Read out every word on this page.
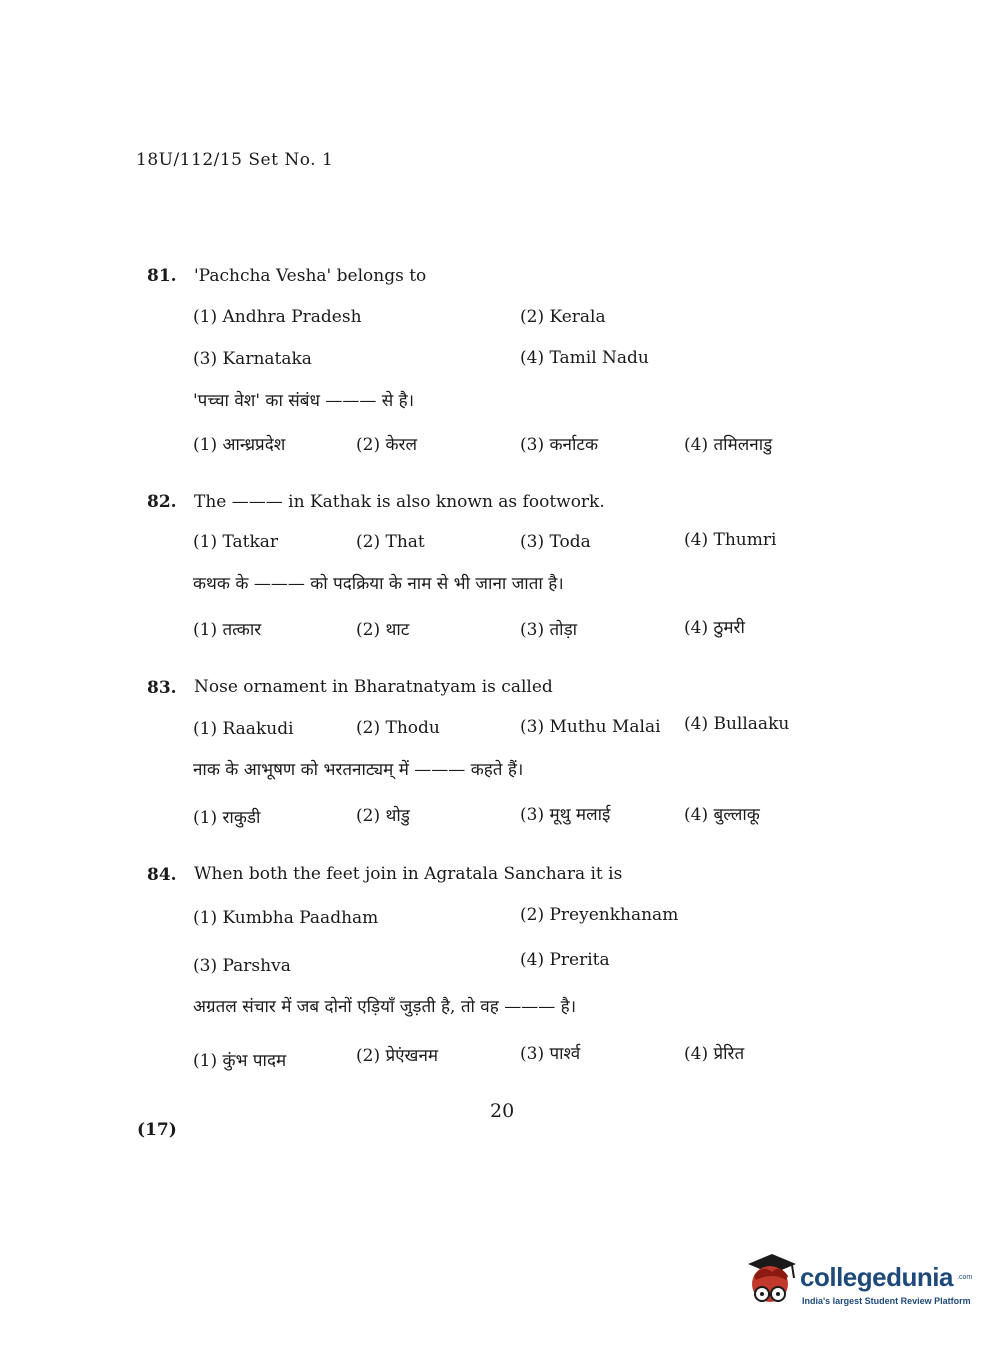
18U/112/15 Set No. 1
81. 'Pachcha Vesha' belongs to
(1) Andhra Pradesh	(2) Kerala
(3) Karnataka	(4) Tamil Nadu
'पच्चा वेश' का संबंध ——— से है।
(1) आन्ध्रप्रदेश	(2) केरल	(3) कर्नाटक	(4) तमिलनाडु
82. The ——— in Kathak is also known as footwork.
(1) Tatkar	(2) That	(3) Toda	(4) Thumri
कथक के ——— को पदक्रिया के नाम से भी जाना जाता है।
(1) तत्कार	(2) थाट	(3) तोड़ा	(4) ठुमरी
83. Nose ornament in Bharatnatyam is called
(1) Raakudi	(2) Thodu	(3) Muthu Malai (4) Bullaaku
नाक के आभूषण को भरतनाट्यम् में ——— कहते हैं।
(1) राकुडी	(2) थोडु	(3) मूथु मलाई	(4) बुल्लाकू
84. When both the feet join in Agratala Sanchara it is
(1) Kumbha Paadham	(2) Preyenkhanam
(3) Parshva	(4) Prerita
अग्रतल संचार में जब दोनों एड़ियाँ जुड़ती है, तो वह ——— है।
(1) कुंभ पादम	(2) प्रेएंखनम	(3) पार्श्व	(4) प्रेरित
20
(17)
collegedunia .com
India's largest Student Review Platform
